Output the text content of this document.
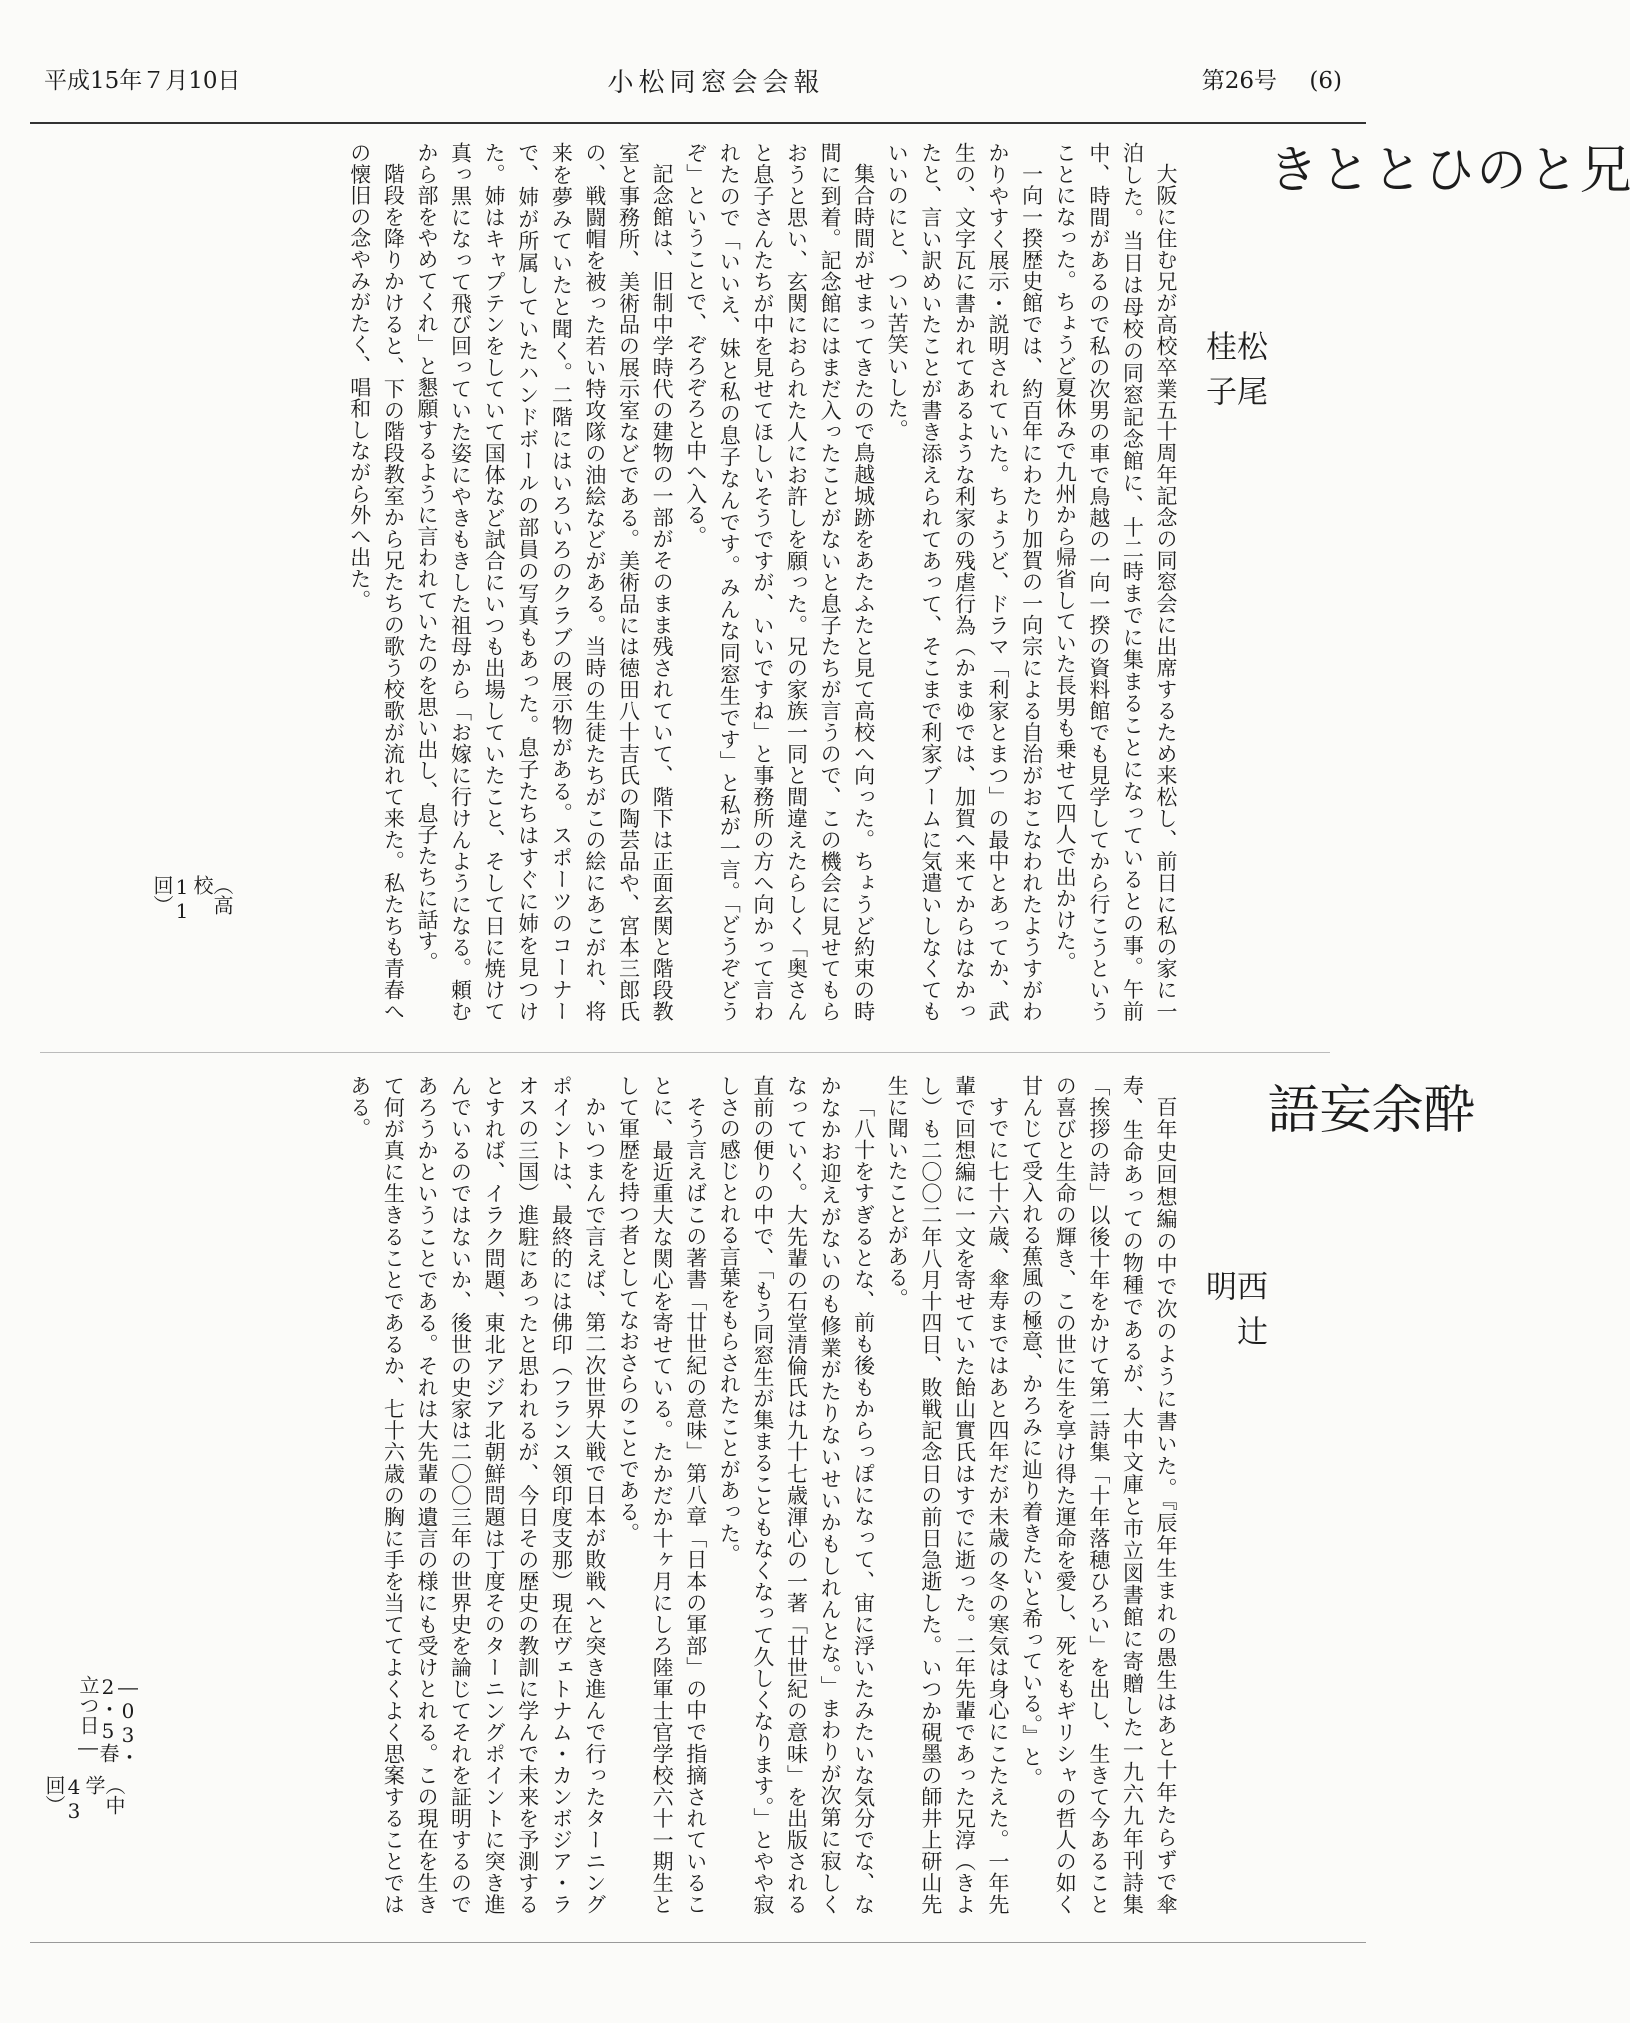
平成15年７月10日	小松同窓会会報	第26号 (6)
兄とのひととき
松尾　桂子

大阪に住む兄が高校卒業五十周年記念の同窓会に出席するため来松し、前日に私の家に一泊した。当日は母校の同窓記念館に、十二時までに集まることになっているとの事。午前中、時間があるので私の次男の車で鳥越の一向一揆の資料館でも見学してから行こうということになった。ちょうど夏休みで九州から帰省していた長男も乗せて四人で出かけた。

一向一揆歴史館では、約百年にわたり加賀の一向宗による自治がおこなわれたようすがわかりやすく展示・説明されていた。ちょうど、ドラマ「利家とまつ」の最中とあってか、武生の、文字瓦に書かれてあるような利家の残虐行為（かまゆでは、加賀へ来てからはなかったと、言い訳めいたことが書き添えられてあって、そこまで利家ブームに気遣いしなくてもいいのにと、つい苦笑いした。

集合時間がせまってきたので鳥越城跡をあたふたと見て高校へ向った。ちょうど約束の時間に到着。記念館にはまだ入ったことがないと息子たちが言うので、この機会に見せてもらおうと思い、玄関におられた人にお許しを願った。兄の家族一同と間違えたらしく「奥さんと息子さんたちが中を見せてほしいそうですが、いいですね」と事務所の方へ向かって言われたので「いいえ、妹と私の息子なんです。みんな同窓生です」と私が一言。「どうぞどうぞ」ということで、ぞろぞろと中へ入る。

記念館は、旧制中学時代の建物の一部がそのまま残されていて、階下は正面玄関と階段教室と事務所、美術品の展示室などである。美術品には徳田八十吉氏の陶芸品や、宮本三郎氏の、戦闘帽を被った若い特攻隊の油絵などがある。当時の生徒たちがこの絵にあこがれ、将来を夢みていたと聞く。二階にはいろいろのクラブの展示物がある。スポーツのコーナーで、姉が所属していたハンドボールの部員の写真もあった。息子たちはすぐに姉を見つけた。姉はキャプテンをしていて国体など試合にいつも出場していたこと、そして日に焼けて真っ黒になって飛び回っていた姿にやきもきした祖母から「お嫁に行けんようになる。頼むから部をやめてくれ」と懇願するように言われていたのを思い出し、息子たちに話す。

階段を降りかけると、下の階段教室から兄たちの歌う校歌が流れて来た。私たちも青春への懐旧の念やみがたく、唱和しながら外へ出た。

（高校11回）
酔余妄語
西辻　明

百年史回想編の中で次のように書いた。『辰年生まれの愚生はあと十年たらずで傘寿、生命あっての物種であるが、大中文庫と市立図書館に寄贈した一九六九年刊詩集「挨拶の詩」以後十年をかけて第二詩集「十年落穂ひろい」を出し、生きて今あることの喜びと生命の輝き、この世に生を享け得た運命を愛し、死をもギリシャの哲人の如く甘んじて受入れる蕉風の極意、かろみに辿り着きたいと希っている。』と。

すでに七十六歳、傘寿まではあと四年だが未歳の冬の寒気は身心にこたえた。一年先輩で回想編に一文を寄せていた飴山實氏はすでに逝った。二年先輩であった兄淳（きよし）も二〇〇二年八月十四日、敗戦記念日の前日急逝した。いつか硯墨の師井上研山先生に聞いたことがある。

「八十をすぎるとな、前も後もからっぽになって、宙に浮いたみたいな気分でな、なかなかお迎えがないのも修業がたりないせいかもしれんとな。」まわりが次第に寂しくなっていく。大先輩の石堂清倫氏は九十七歳渾心の一著「廿世紀の意味」を出版される直前の便りの中で、「もう同窓生が集まることもなくなって久しくなります。」とやや寂しさの感じとれる言葉をもらされたことがあった。

そう言えばこの著書「廿世紀の意味」第八章「日本の軍部」の中で指摘されていることに、最近重大な関心を寄せている。たかだか十ヶ月にしろ陸軍士官学校六十一期生として軍歴を持つ者としてなおさらのことである。

かいつまんで言えば、第二次世界大戦で日本が敗戦へと突き進んで行ったターニングポイントは、最終的には佛印（フランス領印度支那）現在ヴェトナム・カンボジア・ラオスの三国）進駐にあったと思われるが、今日その歴史の教訓に学んで未来を予測するとすれば、イラク問題、東北アジア北朝鮮問題は丁度そのターニングポイントに突き進んでいるのではないか、後世の史家は二〇〇三年の世界史を論じてそれを証明するのであろうかということである。それは大先輩の遺言の様にも受けとれる。この現在を生きて何が真に生きることであるか、七十六歳の胸に手を当ててよくよく思案することではある。

―03・2・5春立つ日―
（中学43回）
